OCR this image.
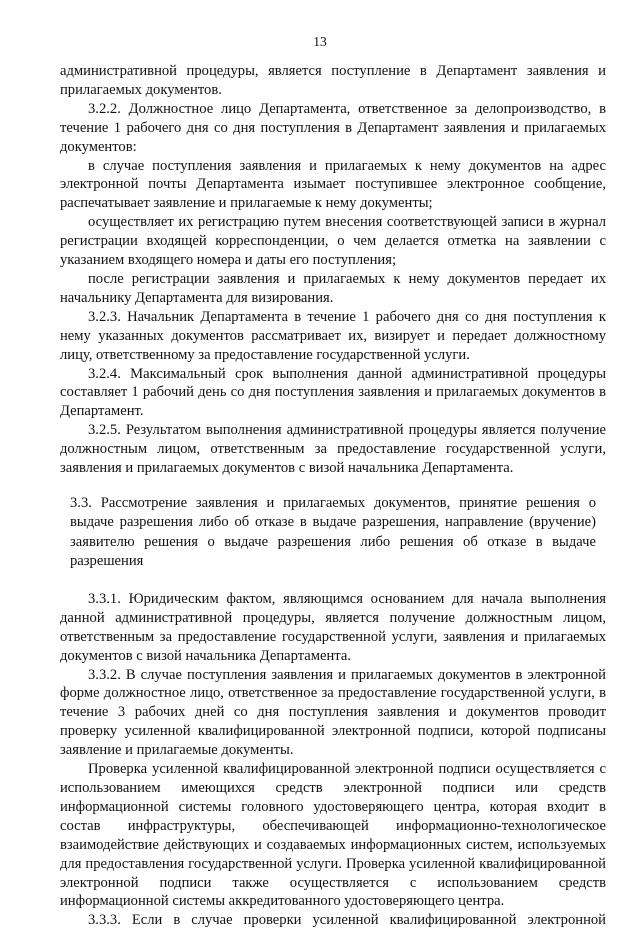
13

административной процедуры, является поступление в Департамент заявления и прилагаемых документов.

3.2.2. Должностное лицо Департамента, ответственное за делопроизводство, в течение 1 рабочего дня со дня поступления в Департамент заявления и прилагаемых документов:

в случае поступления заявления и прилагаемых к нему документов на адрес электронной почты Департамента изымает поступившее электронное сообщение, распечатывает заявление и прилагаемые к нему документы;

осуществляет их регистрацию путем внесения соответствующей записи в журнал регистрации входящей корреспонденции, о чем делается отметка на заявлении с указанием входящего номера и даты его поступления;

после регистрации заявления и прилагаемых к нему документов передает их начальнику Департамента для визирования.

3.2.3. Начальник Департамента в течение 1 рабочего дня со дня поступления к нему указанных документов рассматривает их, визирует и передает должностному лицу, ответственному за предоставление государственной услуги.

3.2.4. Максимальный срок выполнения данной административной процедуры составляет 1 рабочий день со дня поступления заявления и прилагаемых документов в Департамент.

3.2.5. Результатом выполнения административной процедуры является получение должностным лицом, ответственным за предоставление государственной услуги, заявления и прилагаемых документов с визой начальника Департамента.

3.3. Рассмотрение заявления и прилагаемых документов, принятие решения о выдаче разрешения либо об отказе в выдаче разрешения, направление (вручение) заявителю решения о выдаче разрешения либо решения об отказе в выдаче разрешения

3.3.1. Юридическим фактом, являющимся основанием для начала выполнения данной административной процедуры, является получение должностным лицом, ответственным за предоставление государственной услуги, заявления и прилагаемых документов с визой начальника Департамента.

3.3.2. В случае поступления заявления и прилагаемых документов в электронной форме должностное лицо, ответственное за предоставление государственной услуги, в течение 3 рабочих дней со дня поступления заявления и документов проводит проверку усиленной квалифицированной электронной подписи, которой подписаны заявление и прилагаемые документы.

Проверка усиленной квалифицированной электронной подписи осуществляется с использованием имеющихся средств электронной подписи или средств информационной системы головного удостоверяющего центра, которая входит в состав инфраструктуры, обеспечивающей информационно-технологическое взаимодействие действующих и создаваемых информационных систем, используемых для предоставления государственной услуги. Проверка усиленной квалифицированной электронной подписи также осуществляется с использованием средств информационной системы аккредитованного удостоверяющего центра.

3.3.3. Если в случае проверки усиленной квалифицированной электронной
